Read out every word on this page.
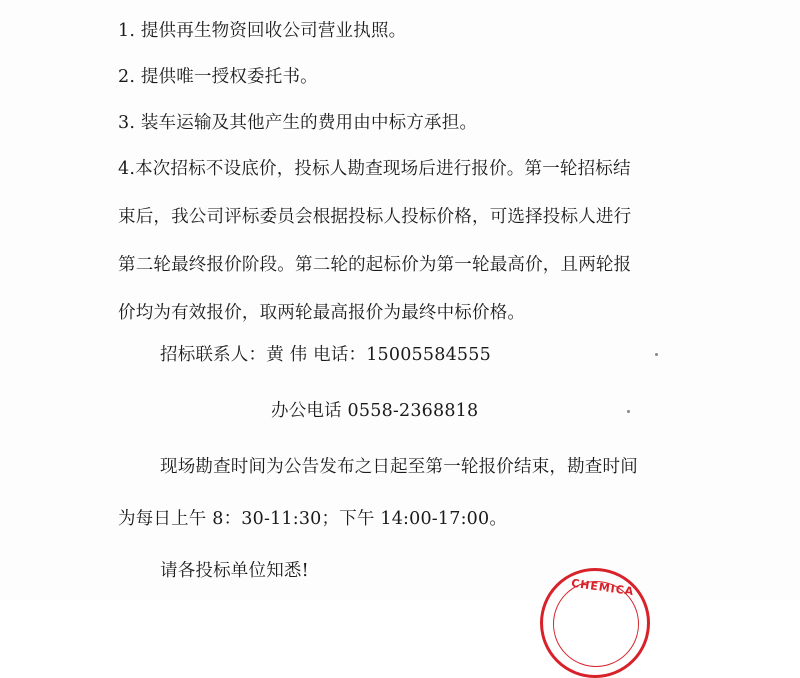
1. 提供再生物资回收公司营业执照。
2. 提供唯一授权委托书。
3. 装车运输及其他产生的费用由中标方承担。
4.本次招标不设底价，投标人勘查现场后进行报价。第一轮招标结
束后，我公司评标委员会根据投标人投标价格，可选择投标人进行
第二轮最终报价阶段。第二轮的起标价为第一轮最高价，且两轮报
价均为有效报价，取两轮最高报价为最终中标价格。
招标联系人：黄 伟 电话：15005584555
办公电话 0558-2368818
现场勘查时间为公告发布之日起至第一轮报价结束，勘查时间
为每日上午 8：30-11:30；下午 14:00-17:00。
请各投标单位知悉!
CHEMICA
